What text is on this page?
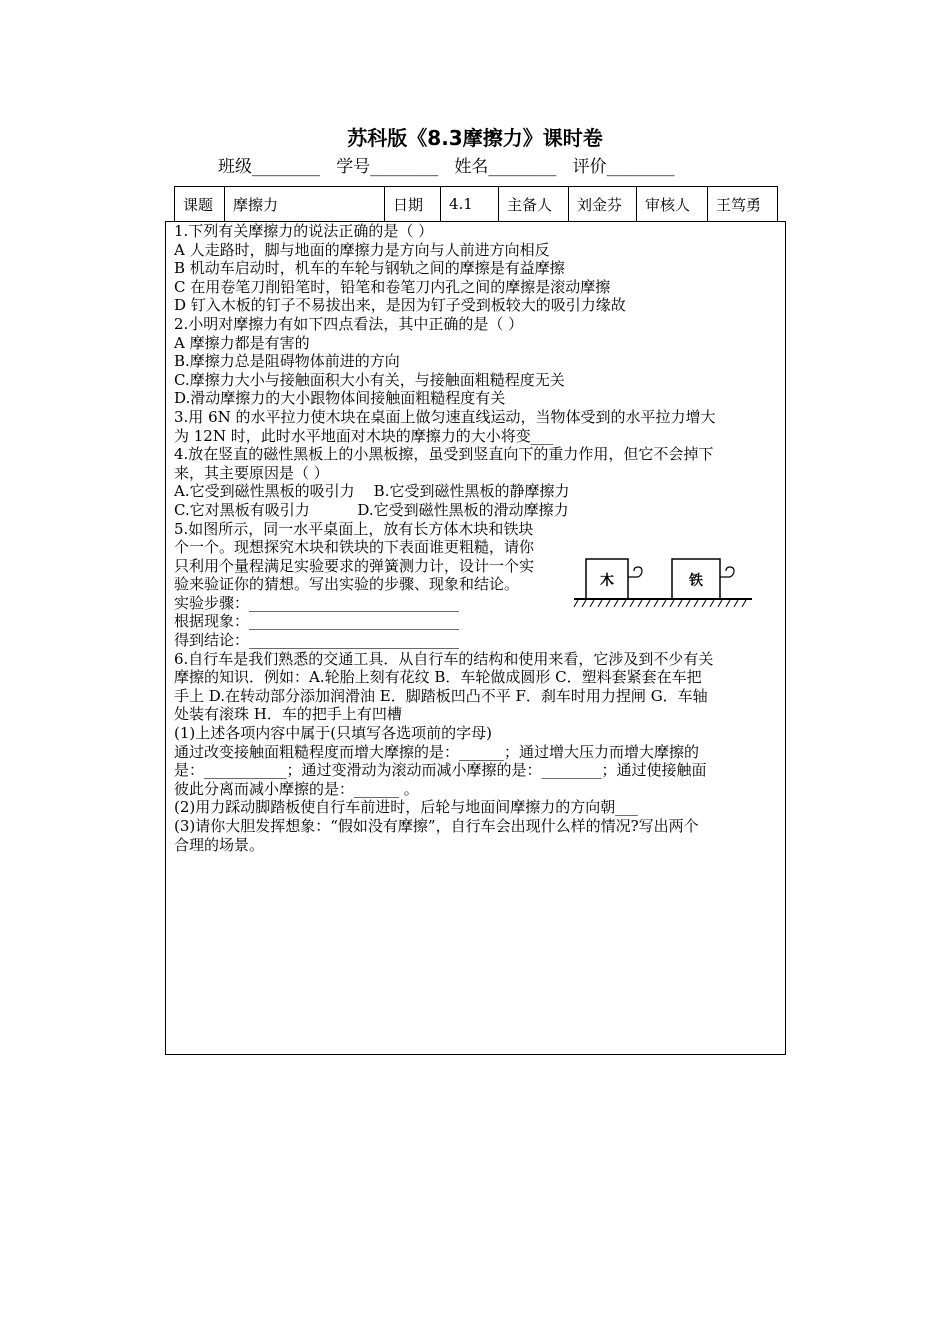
苏科版《8.3摩擦力》课时卷
班级________   学号________   姓名________   评价________
课题	摩擦力	日期	4.1	主备人	刘金芬	审核人	王笃勇

1.下列有关摩擦力的说法正确的是（ ）

A 人走路时，脚与地面的摩擦力是方向与人前进方向相反

B 机动车启动时，机车的车轮与钢轨之间的摩擦是有益摩擦

C 在用卷笔刀削铅笔时，铅笔和卷笔刀内孔之间的摩擦是滚动摩擦

D 钉入木板的钉子不易拔出来，是因为钉子受到板较大的吸引力缘故

2.小明对摩擦力有如下四点看法，其中正确的是（ ）

A 摩擦力都是有害的

B.摩擦力总是阻碍物体前进的方向

C.摩擦力大小与接触面积大小有关，与接触面粗糙程度无关

D.滑动摩擦力的大小跟物体间接触面粗糙程度有关

3.用 6N 的水平拉力使木块在桌面上做匀速直线运动，当物体受到的水平拉力增大

为 12N 时，此时水平地面对木块的摩擦力的大小将变___

4.放在竖直的磁性黑板上的小黑板擦，虽受到竖直向下的重力作用，但它不会掉下

来，其主要原因是（ ）

A.它受到磁性黑板的吸引力    B.它受到磁性黑板的静摩擦力

C.它对黑板有吸引力          D.它受到磁性黑板的滑动摩擦力

5.如图所示，同一水平桌面上，放有长方体木块和铁块

个一个。现想探究木块和铁块的下表面谁更粗糙，请你

只利用个量程满足实验要求的弹簧测力计，设计一个实

验来验证你的猜想。写出实验的步骤、现象和结论。

实验步骤：____________________________

根据现象：____________________________

得到结论：____________________________

6.自行车是我们熟悉的交通工具．从自行车的结构和使用来看，它涉及到不少有关

摩擦的知识．例如：A.轮胎上刻有花纹 B．车轮做成圆形 C．塑料套紧套在车把

手上 D.在转动部分添加润滑油 E．脚踏板凹凸不平 F．刹车时用力捏闸 G．车轴

处装有滚珠 H．车的把手上有凹槽

(1)上述各项内容中属于(只填写各选项前的字母)

通过改变接触面粗糙程度而增大摩擦的是：______；通过增大压力而增大摩擦的

是：___________；通过变滑动为滚动而减小摩擦的是：________；通过使接触面

彼此分离而减小摩擦的是：______ 。

(2)用力踩动脚踏板使自行车前进时，后轮与地面间摩擦力的方向朝___

(3)请你大胆发挥想象：“假如没有摩擦”，自行车会出现什么样的情况?写出两个

合理的场景。

木	铁
